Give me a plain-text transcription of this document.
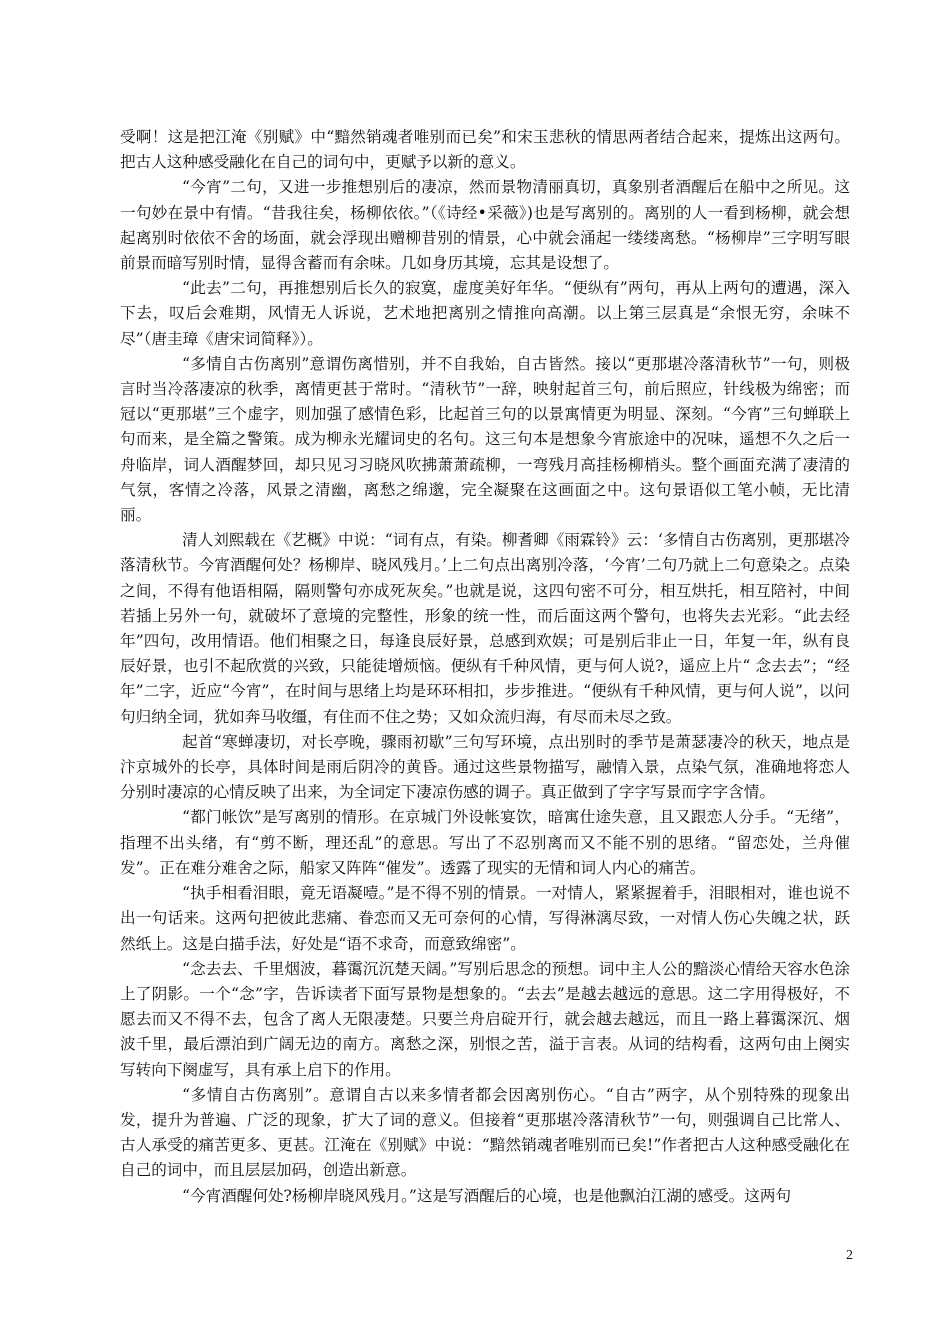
受啊！这是把江淹《别赋》中“黯然销魂者唯别而已矣”和宋玉悲秋的情思两者结合起来，提炼出这两句。把古人这种感受融化在自己的词句中，更赋予以新的意义。

“今宵”二句，又进一步推想别后的凄凉，然而景物清丽真切，真象别者酒醒后在船中之所见。这一句妙在景中有情。“昔我往矣，杨柳依依。”（《诗经•采薇》)也是写离别的。离别的人一看到杨柳，就会想起离别时依依不舍的场面，就会浮现出赠柳昔别的情景，心中就会涌起一缕缕离愁。“杨柳岸”三字明写眼前景而暗写别时情，显得含蓄而有余味。几如身历其境，忘其是设想了。

“此去”二句，再推想别后长久的寂寞，虚度美好年华。“便纵有”两句，再从上两句的遭遇，深入下去，叹后会难期，风情无人诉说，艺术地把离别之情推向高潮。以上第三层真是“余恨无穷，余味不尽”（唐圭璋《唐宋词简释》）。

“多情自古伤离别”意谓伤离惜别，并不自我始，自古皆然。接以“更那堪冷落清秋节”一句，则极言时当冷落凄凉的秋季，离情更甚于常时。“清秋节”一辞，映射起首三句，前后照应，针线极为绵密；而冠以“更那堪”三个虚字，则加强了感情色彩，比起首三句的以景寓情更为明显、深刻。“今宵”三句蝉联上句而来，是全篇之警策。成为柳永光耀词史的名句。这三句本是想象今宵旅途中的况味，遥想不久之后一舟临岸，词人酒醒梦回，却只见习习晓风吹拂萧萧疏柳，一弯残月高挂杨柳梢头。整个画面充满了凄清的气氛，客情之冷落，风景之清幽，离愁之绵邈，完全凝聚在这画面之中。这句景语似工笔小帧，无比清丽。

清人刘熙载在《艺概》中说：“词有点，有染。柳耆卿《雨霖铃》云：‘多情自古伤离别，更那堪冷落清秋节。今宵酒醒何处？杨柳岸、晓风残月。’上二句点出离别冷落，‘今宵’二句乃就上二句意染之。点染之间，不得有他语相隔，隔则警句亦成死灰矣。”也就是说，这四句密不可分，相互烘托，相互陪衬，中间若插上另外一句，就破坏了意境的完整性，形象的统一性，而后面这两个警句，也将失去光彩。“此去经年”四句，改用情语。他们相聚之日，每逢良辰好景，总感到欢娱；可是别后非止一日，年复一年，纵有良辰好景，也引不起欣赏的兴致，只能徒增烦恼。便纵有千种风情，更与何人说?，遥应上片“ 念去去”；“经年”二字，近应“今宵”，在时间与思绪上均是环环相扣，步步推进。“便纵有千种风情，更与何人说”，以问句归纳全词，犹如奔马收缰，有住而不住之势；又如众流归海，有尽而未尽之致。

起首“寒蝉凄切，对长亭晚，骤雨初歇”三句写环境，点出别时的季节是萧瑟凄冷的秋天，地点是汴京城外的长亭，具体时间是雨后阴冷的黄昏。通过这些景物描写，融情入景，点染气氛，准确地将恋人分别时凄凉的心情反映了出来，为全词定下凄凉伤感的调子。真正做到了字字写景而字字含情。

“都门帐饮”是写离别的情形。在京城门外设帐宴饮，暗寓仕途失意，且又跟恋人分手。“无绪”，指理不出头绪，有“剪不断，理还乱”的意思。写出了不忍别离而又不能不别的思绪。“留恋处，兰舟催发”。正在难分难舍之际，船家又阵阵“催发”。透露了现实的无情和词人内心的痛苦。

“执手相看泪眼，竟无语凝噎。”是不得不别的情景。一对情人，紧紧握着手，泪眼相对，谁也说不出一句话来。这两句把彼此悲痛、眷恋而又无可奈何的心情，写得淋漓尽致，一对情人伤心失魄之状，跃然纸上。这是白描手法，好处是“语不求奇，而意致绵密”。

“念去去、千里烟波，暮霭沉沉楚天阔。”写别后思念的预想。词中主人公的黯淡心情给天容水色涂上了阴影。一个“念”字，告诉读者下面写景物是想象的。“去去”是越去越远的意思。这二字用得极好，不愿去而又不得不去，包含了离人无限凄楚。只要兰舟启碇开行，就会越去越远，而且一路上暮霭深沉、烟波千里，最后漂泊到广阔无边的南方。离愁之深，别恨之苦，溢于言表。从词的结构看，这两句由上阕实写转向下阕虚写，具有承上启下的作用。

“多情自古伤离别”。意谓自古以来多情者都会因离别伤心。“自古”两字，从个别特殊的现象出发，提升为普遍、广泛的现象，扩大了词的意义。但接着“更那堪冷落清秋节”一句，则强调自己比常人、古人承受的痛苦更多、更甚。江淹在《别赋》中说：“黯然销魂者唯别而已矣!”作者把古人这种感受融化在自己的词中，而且层层加码，创造出新意。

“今宵酒醒何处?杨柳岸晓风残月。”这是写酒醒后的心境，也是他飘泊江湖的感受。这两句

2
